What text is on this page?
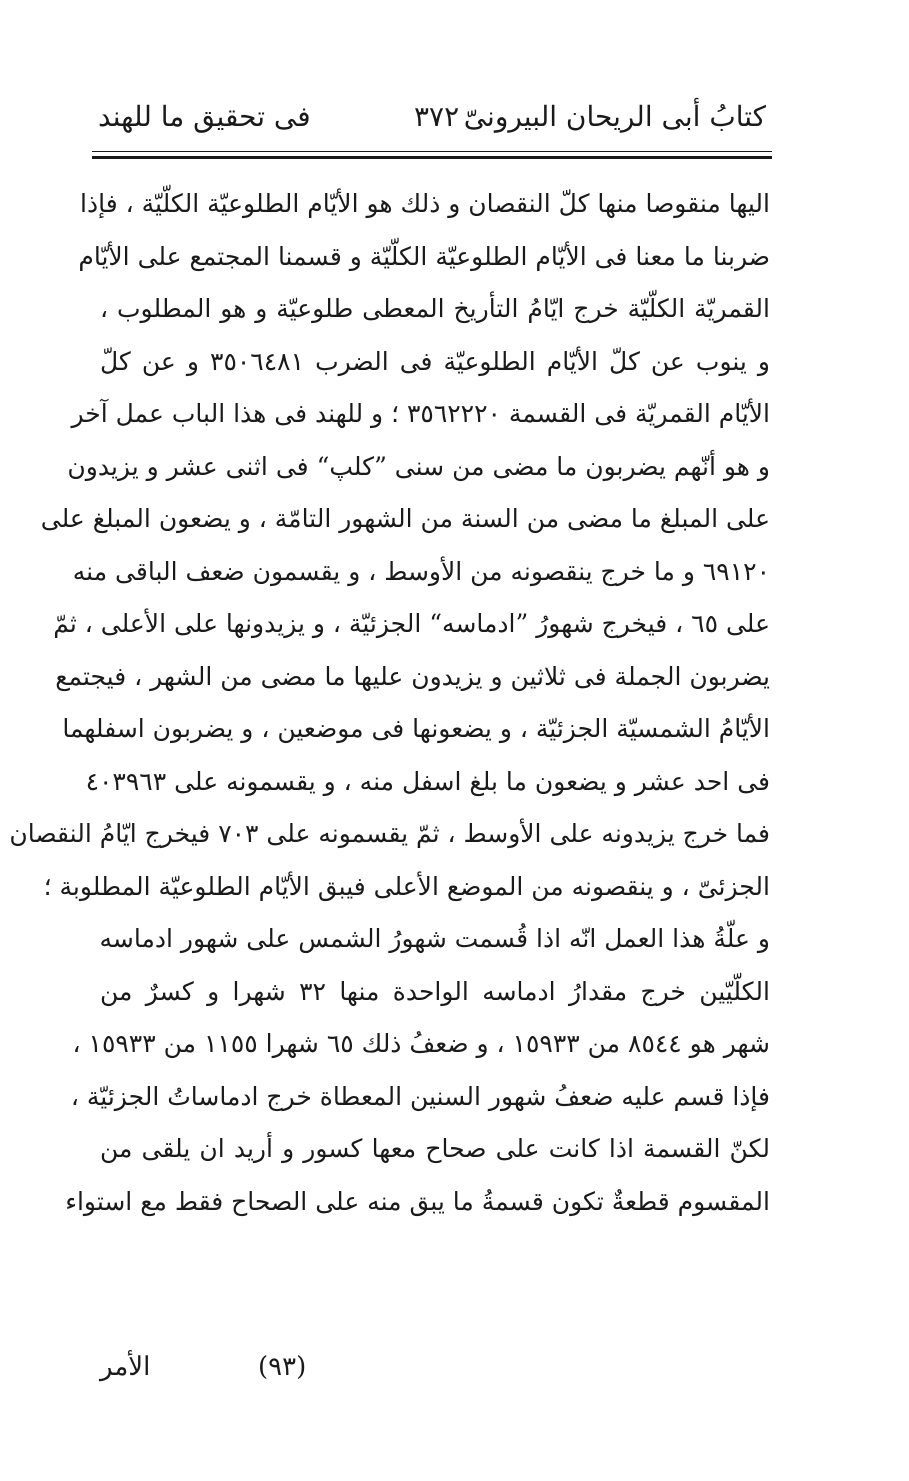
كتابُ أبى الريحان البيرونىّ
٣٧٢
فى تحقيق ما للهند
اليها منقوصا منها كلّ النقصان و ذلك هو الأيّام الطلوعيّة الكلّيّة ، فإذا
ضربنا ما معنا فى الأيّام الطلوعيّة الكلّيّة و قسمنا المجتمع على الأيّام
القمريّة الكلّيّة خرج ايّامُ التأريخ المعطى طلوعيّة و هو المطلوب ،
و ينوب عن كلّ الأيّام الطلوعيّة فى الضرب ٣٥٠٦٤٨١ و عن كلّ
الأيّام القمريّة فى القسمة ٣٥٦٢٢٢٠ ؛ و للهند فى هذا الباب عمل آخر
و هو أنّهم يضربون ما مضى من سنى ”كلپ“ فى اثنى عشر و يزيدون
على المبلغ ما مضى من السنة من الشهور التامّة ، و يضعون المبلغ على
٦٩١٢٠ و ما خرج ينقصونه من الأوسط ، و يقسمون ضعف الباقى منه
على ٦٥ ، فيخرج شهورُ ”ادماسه“ الجزئيّة ، و يزيدونها على الأعلى ، ثمّ
يضربون الجملة فى ثلاثين و يزيدون عليها ما مضى من الشهر ، فيجتمع
الأيّامُ الشمسيّة الجزئيّة ، و يضعونها فى موضعين ، و يضربون اسفلهما
فى احد عشر و يضعون ما بلغ اسفل منه ، و يقسمونه على ٤٠٣٩٦٣
فما خرج يزيدونه على الأوسط ، ثمّ يقسمونه على ٧٠٣ فيخرج ايّامُ النقصان
الجزئىّ ، و ينقصونه من الموضع الأعلى فيبق الأيّام الطلوعيّة المطلوبة ؛
و علّةُ هذا العمل انّه اذا قُسمت شهورُ الشمس على شهور ادماسه
الكلّيّين خرج مقدارُ ادماسه الواحدة منها ٣٢ شهرا و كسرٌ من
شهر هو ٨٥٤٤ من ١٥٩٣٣ ، و ضعفُ ذلك ٦٥ شهرا ١١٥٥ من ١٥٩٣٣ ،
فإذا قسم عليه ضعفُ شهور السنين المعطاة خرج ادماساتُ الجزئيّة ،
لكنّ القسمة اذا كانت على صحاح معها كسور و أريد ان يلقى من
المقسوم قطعةٌ تكون قسمةُ ما يبق منه على الصحاح فقط مع استواء
(٩٣)
الأمر
